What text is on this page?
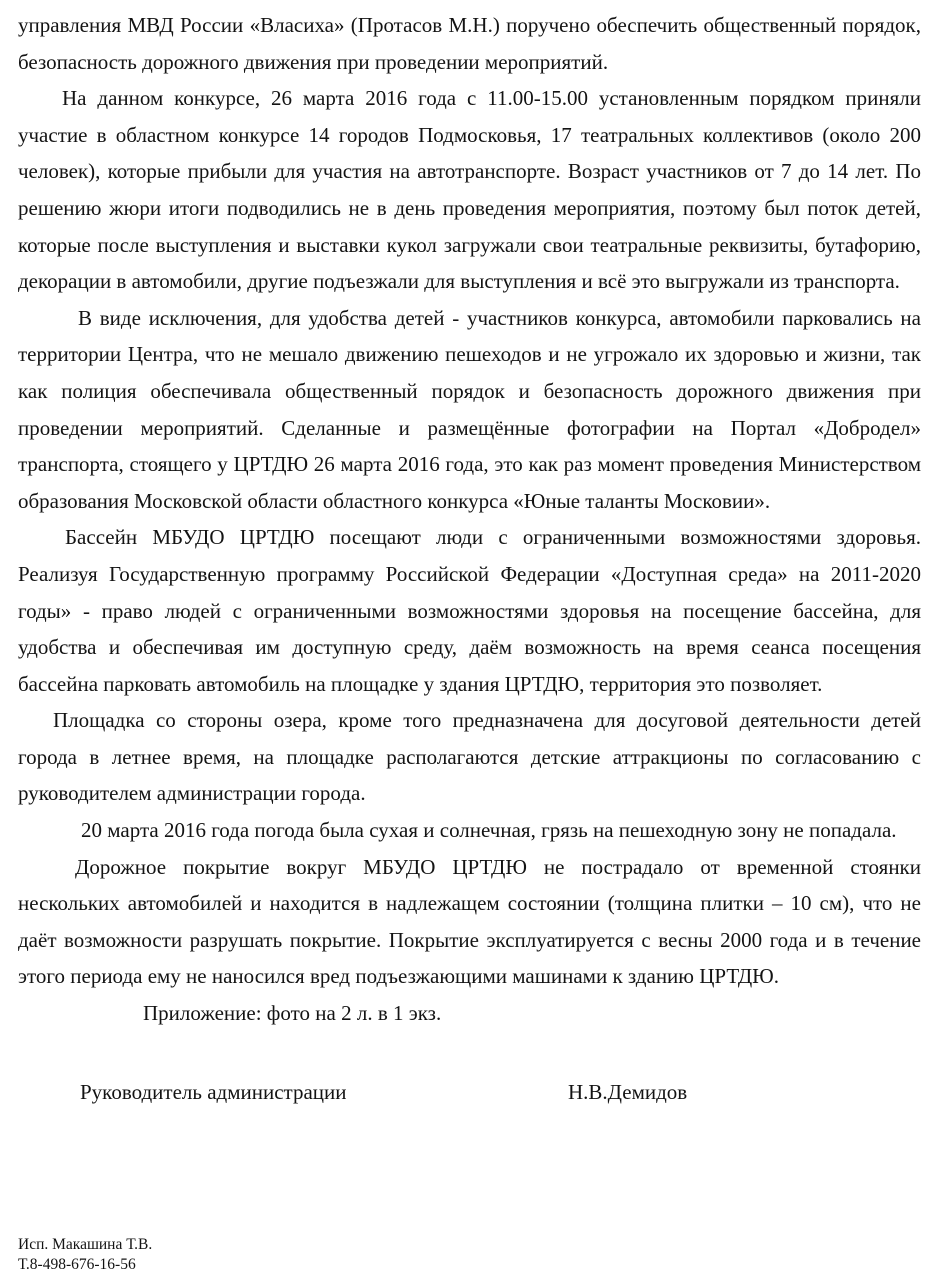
управления МВД России «Власиха» (Протасов М.Н.) поручено обеспечить общественный порядок, безопасность дорожного движения при проведении мероприятий.

На данном конкурсе, 26 марта 2016 года с 11.00-15.00 установленным порядком приняли участие в областном конкурсе 14 городов Подмосковья, 17 театральных коллективов (около 200 человек), которые прибыли для участия на автотранспорте. Возраст участников от 7 до 14 лет. По решению жюри итоги подводились не в день проведения мероприятия, поэтому был поток детей, которые после выступления и выставки кукол загружали свои театральные реквизиты, бутафорию, декорации в автомобили, другие подъезжали для выступления и всё это выгружали из транспорта.

В виде исключения, для удобства детей - участников конкурса, автомобили парковались на территории Центра, что не мешало движению пешеходов и не угрожало их здоровью и жизни, так как полиция обеспечивала общественный порядок и безопасность дорожного движения при проведении мероприятий. Сделанные и размещённые фотографии на Портал «Добродел» транспорта, стоящего у ЦРТДЮ 26 марта 2016 года, это как раз момент проведения Министерством образования Московской области областного конкурса «Юные таланты Московии».

Бассейн МБУДО ЦРТДЮ посещают люди с ограниченными возможностями здоровья. Реализуя Государственную программу Российской Федерации «Доступная среда» на 2011-2020 годы» - право людей с ограниченными возможностями здоровья на посещение бассейна, для удобства и обеспечивая им доступную среду, даём возможность на время сеанса посещения бассейна парковать автомобиль на площадке у здания ЦРТДЮ, территория это позволяет.

Площадка со стороны озера, кроме того предназначена для досуговой деятельности детей города в летнее время, на площадке располагаются детские аттракционы по согласованию с руководителем администрации города.

20 марта 2016 года погода была сухая и солнечная, грязь на пешеходную зону не попадала.

Дорожное покрытие вокруг МБУДО ЦРТДЮ не пострадало от временной стоянки нескольких автомобилей и находится в надлежащем состоянии (толщина плитки – 10 см), что не даёт возможности разрушать покрытие. Покрытие эксплуатируется с весны 2000 года и в течение этого периода ему не наносился вред подъезжающими машинами к зданию ЦРТДЮ.

Приложение: фото на 2 л. в 1 экз.

Руководитель администрации	Н.В.Демидов
Исп. Макашина Т.В.
Т.8-498-676-16-56
